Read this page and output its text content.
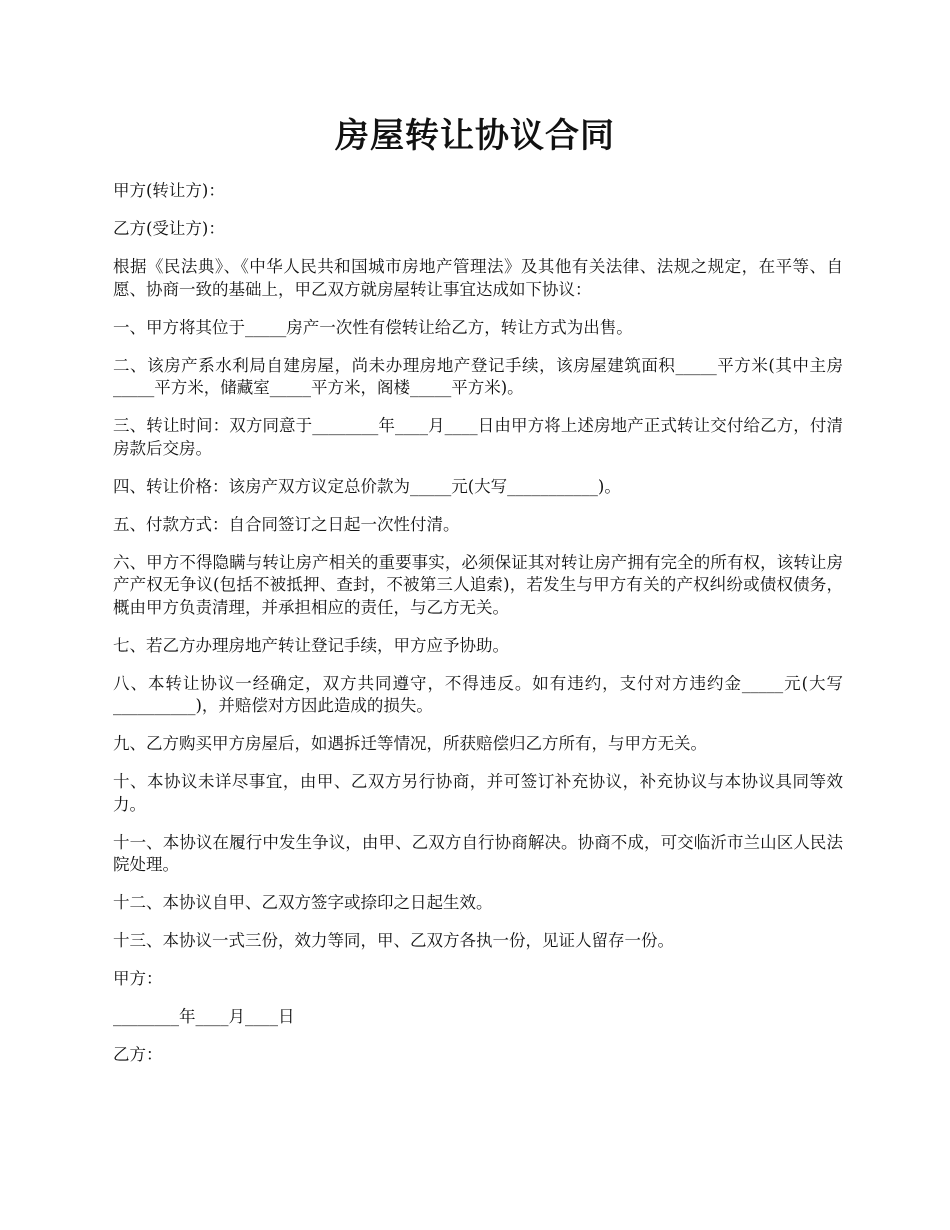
房屋转让协议合同

甲方(转让方)：

乙方(受让方)：

根据《民法典》、《中华人民共和国城市房地产管理法》及其他有关法律、法规之规定，在平等、自愿、协商一致的基础上，甲乙双方就房屋转让事宜达成如下协议：

一、甲方将其位于_____房产一次性有偿转让给乙方，转让方式为出售。

二、该房产系水利局自建房屋，尚未办理房地产登记手续，该房屋建筑面积_____平方米(其中主房_____平方米，储藏室_____平方米，阁楼_____平方米)。

三、转让时间：双方同意于________年____月____日由甲方将上述房地产正式转让交付给乙方，付清房款后交房。

四、转让价格：该房产双方议定总价款为_____元(大写___________)。

五、付款方式：自合同签订之日起一次性付清。

六、甲方不得隐瞒与转让房产相关的重要事实，必须保证其对转让房产拥有完全的所有权，该转让房产产权无争议(包括不被抵押、查封，不被第三人追索)，若发生与甲方有关的产权纠纷或债权债务，概由甲方负责清理，并承担相应的责任，与乙方无关。

七、若乙方办理房地产转让登记手续，甲方应予协助。

八、本转让协议一经确定，双方共同遵守，不得违反。如有违约，支付对方违约金_____元(大写__________)，并赔偿对方因此造成的损失。

九、乙方购买甲方房屋后，如遇拆迁等情况，所获赔偿归乙方所有，与甲方无关。

十、本协议未详尽事宜，由甲、乙双方另行协商，并可签订补充协议，补充协议与本协议具同等效力。

十一、本协议在履行中发生争议，由甲、乙双方自行协商解决。协商不成，可交临沂市兰山区人民法院处理。

十二、本协议自甲、乙双方签字或捺印之日起生效。

十三、本协议一式三份，效力等同，甲、乙双方各执一份，见证人留存一份。

甲方：

________年____月____日

乙方：
